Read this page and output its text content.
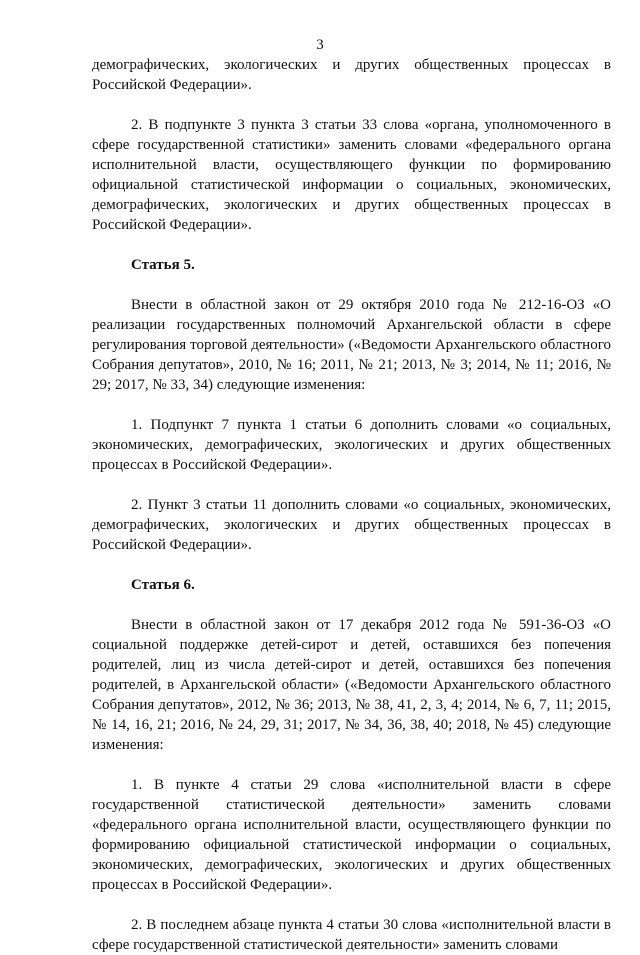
3

демографических, экологических и других общественных процессах в Российской Федерации».

2. В подпункте 3 пункта 3 статьи 33 слова «органа, уполномоченного в сфере государственной статистики» заменить словами «федерального органа исполнительной власти, осуществляющего функции по формированию официальной статистической информации о социальных, экономических, демографических, экологических и других общественных процессах в Российской Федерации».

Статья 5.

Внести в областной закон от 29 октября 2010 года № 212-16-ОЗ «О реализации государственных полномочий Архангельской области в сфере регулирования торговой деятельности» («Ведомости Архангельского областного Собрания депутатов», 2010, № 16; 2011, № 21; 2013, № 3; 2014, № 11; 2016, № 29; 2017, № 33, 34) следующие изменения:

1. Подпункт 7 пункта 1 статьи 6 дополнить словами «о социальных, экономических, демографических, экологических и других общественных процессах в Российской Федерации».

2. Пункт 3 статьи 11 дополнить словами «о социальных, экономических, демографических, экологических и других общественных процессах в Российской Федерации».

Статья 6.

Внести в областной закон от 17 декабря 2012 года № 591-36-ОЗ «О социальной поддержке детей-сирот и детей, оставшихся без попечения родителей, лиц из числа детей-сирот и детей, оставшихся без попечения родителей, в Архангельской области» («Ведомости Архангельского областного Собрания депутатов», 2012, № 36; 2013, № 38, 41, 2, 3, 4; 2014, № 6, 7, 11; 2015, № 14, 16, 21; 2016, № 24, 29, 31; 2017, № 34, 36, 38, 40; 2018, № 45) следующие изменения:

1. В пункте 4 статьи 29 слова «исполнительной власти в сфере государственной статистической деятельности» заменить словами «федерального органа исполнительной власти, осуществляющего функции по формированию официальной статистической информации о социальных, экономических, демографических, экологических и других общественных процессах в Российской Федерации».

2. В последнем абзаце пункта 4 статьи 30 слова «исполнительной власти в сфере государственной статистической деятельности» заменить словами
